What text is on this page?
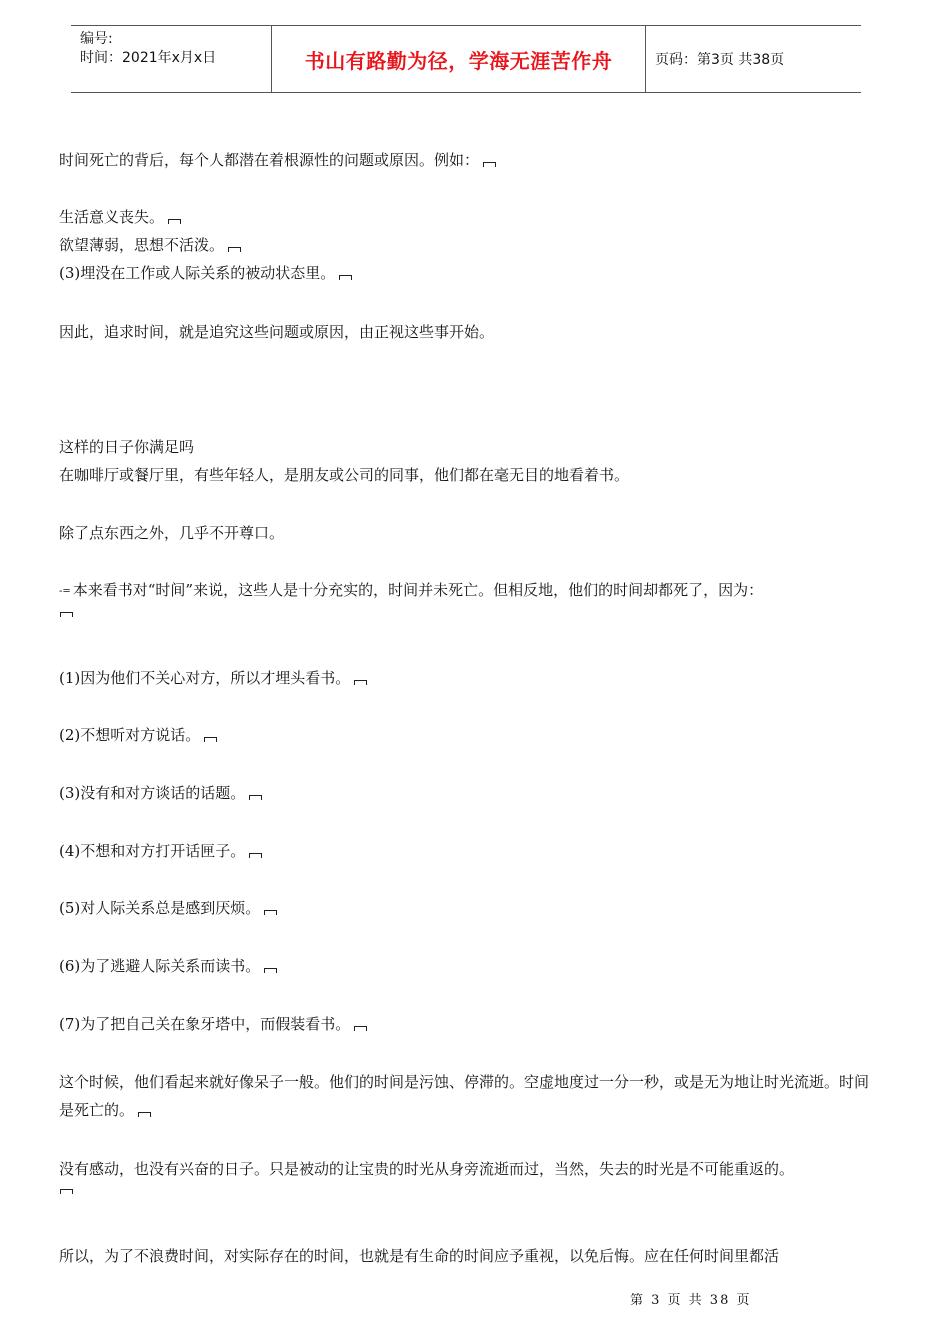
编号:
时间：2021年x月x日	书山有路勤为径，学海无涯苦作舟	页码：第3页 共38页
时间死亡的背后，每个人都潜在着根源性的问题或原因。例如：
生活意义丧失。
欲望薄弱，思想不活泼。
(3)埋没在工作或人际关系的被动状态里。
因此，追求时间，就是追究这些问题或原因，由正视这些事开始。
这样的日子你满足吗
在咖啡厅或餐厅里，有些年轻人，是朋友或公司的同事，他们都在毫无目的地看着书。
除了点东西之外，几乎不开尊口。
-= 本来看书对“时间”来说，这些人是十分充实的，时间并未死亡。但相反地，他们的时间却都死了，因为：
(1)因为他们不关心对方，所以才埋头看书。
(2)不想听对方说话。
(3)没有和对方谈话的话题。
(4)不想和对方打开话匣子。
(5)对人际关系总是感到厌烦。
(6)为了逃避人际关系而读书。
(7)为了把自己关在象牙塔中，而假装看书。
这个时候，他们看起来就好像呆子一般。他们的时间是污蚀、停滞的。空虚地度过一分一秒，或是无为地让时光流逝。时间是死亡的。
没有感动，也没有兴奋的日子。只是被动的让宝贵的时光从身旁流逝而过，当然，失去的时光是不可能重返的。
所以，为了不浪费时间，对实际存在的时间，也就是有生命的时间应予重视，以免后悔。应在任何时间里都活
第 3 页 共 38 页
